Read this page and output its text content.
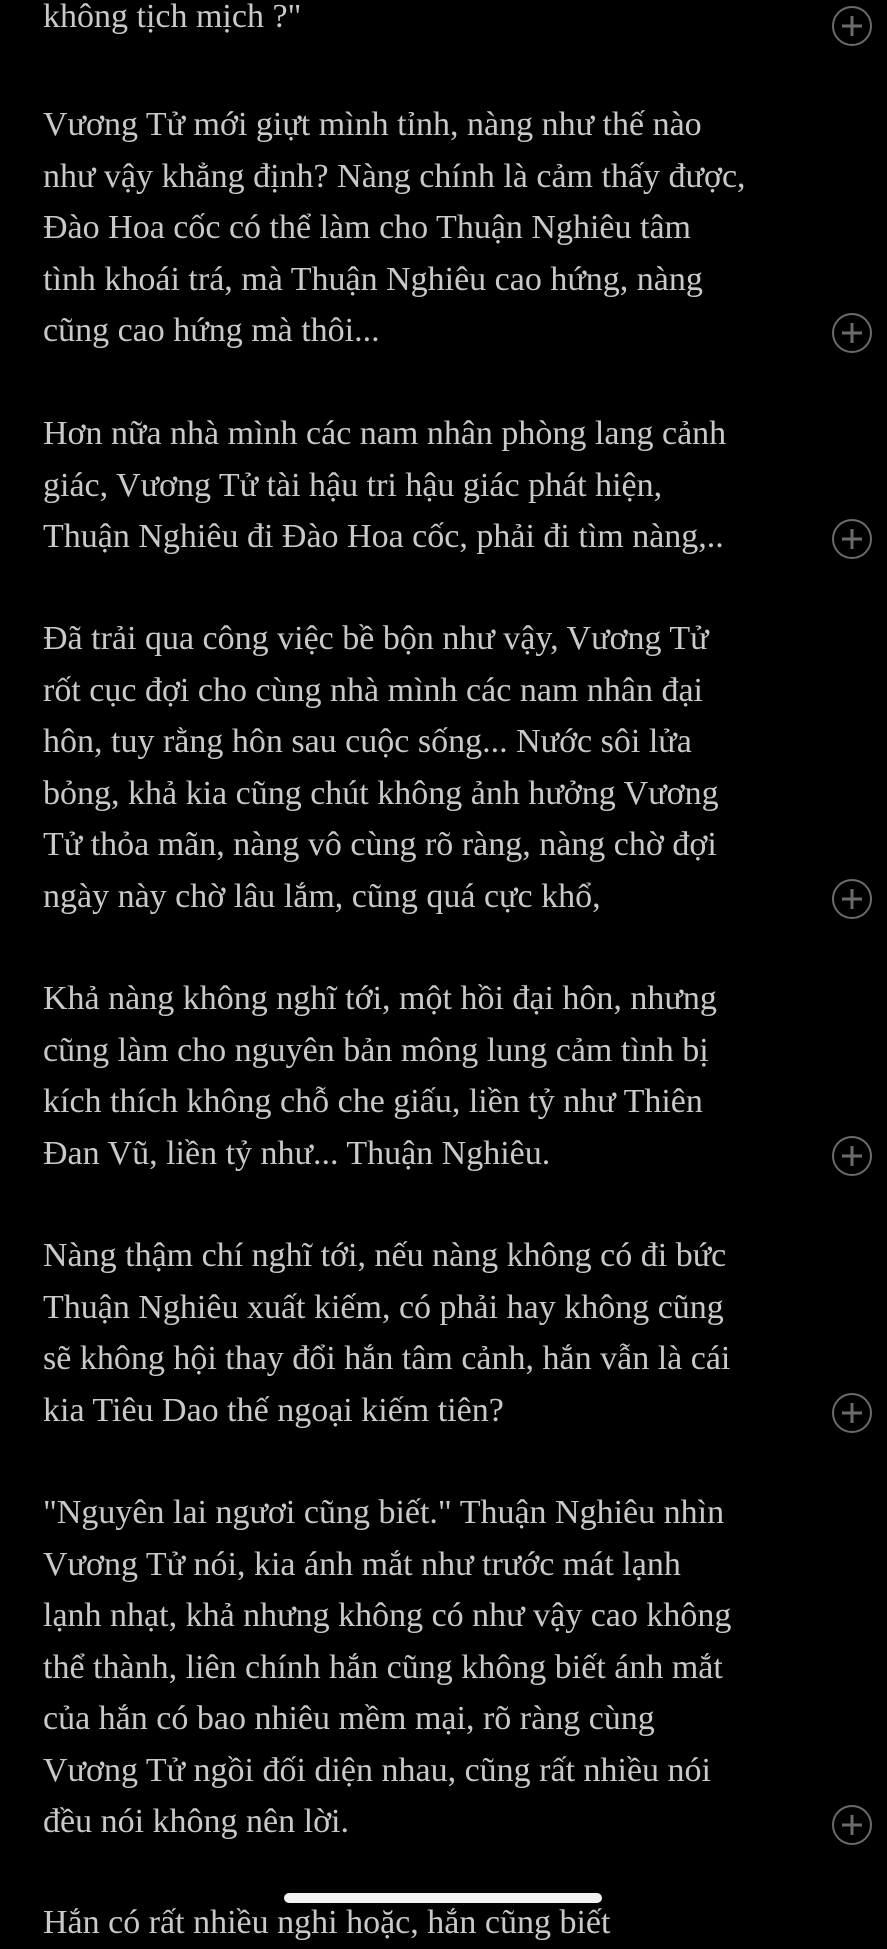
không tịch mịch ?"

Vương Tử mới giựt mình tỉnh, nàng như thế nào
như vậy khẳng định? Nàng chính là cảm thấy được,
Đào Hoa cốc có thể làm cho Thuận Nghiêu tâm
tình khoái trá, mà Thuận Nghiêu cao hứng, nàng
cũng cao hứng mà thôi...

Hơn nữa nhà mình các nam nhân phòng lang cảnh
giác, Vương Tử tài hậu tri hậu giác phát hiện,
Thuận Nghiêu đi Đào Hoa cốc, phải đi tìm nàng,..

Đã trải qua công việc bề bộn như vậy, Vương Tử
rốt cục đợi cho cùng nhà mình các nam nhân đại
hôn, tuy rằng hôn sau cuộc sống... Nước sôi lửa
bỏng, khả kia cũng chút không ảnh hưởng Vương
Tử thỏa mãn, nàng vô cùng rõ ràng, nàng chờ đợi
ngày này chờ lâu lắm, cũng quá cực khổ,

Khả nàng không nghĩ tới, một hồi đại hôn, nhưng
cũng làm cho nguyên bản mông lung cảm tình bị
kích thích không chỗ che giấu, liền tỷ như Thiên
Đan Vũ, liền tỷ như... Thuận Nghiêu.

Nàng thậm chí nghĩ tới, nếu nàng không có đi bức
Thuận Nghiêu xuất kiếm, có phải hay không cũng
sẽ không hội thay đổi hắn tâm cảnh, hắn vẫn là cái
kia Tiêu Dao thế ngoại kiếm tiên?

"Nguyên lai ngươi cũng biết." Thuận Nghiêu nhìn
Vương Tử nói, kia ánh mắt như trước mát lạnh
lạnh nhạt, khả nhưng không có như vậy cao không
thể thành, liên chính hắn cũng không biết ánh mắt
của hắn có bao nhiêu mềm mại, rõ ràng cùng
Vương Tử ngồi đối diện nhau, cũng rất nhiều nói
đều nói không nên lời.

Hắn có rất nhiều nghi hoặc, hắn cũng biết
